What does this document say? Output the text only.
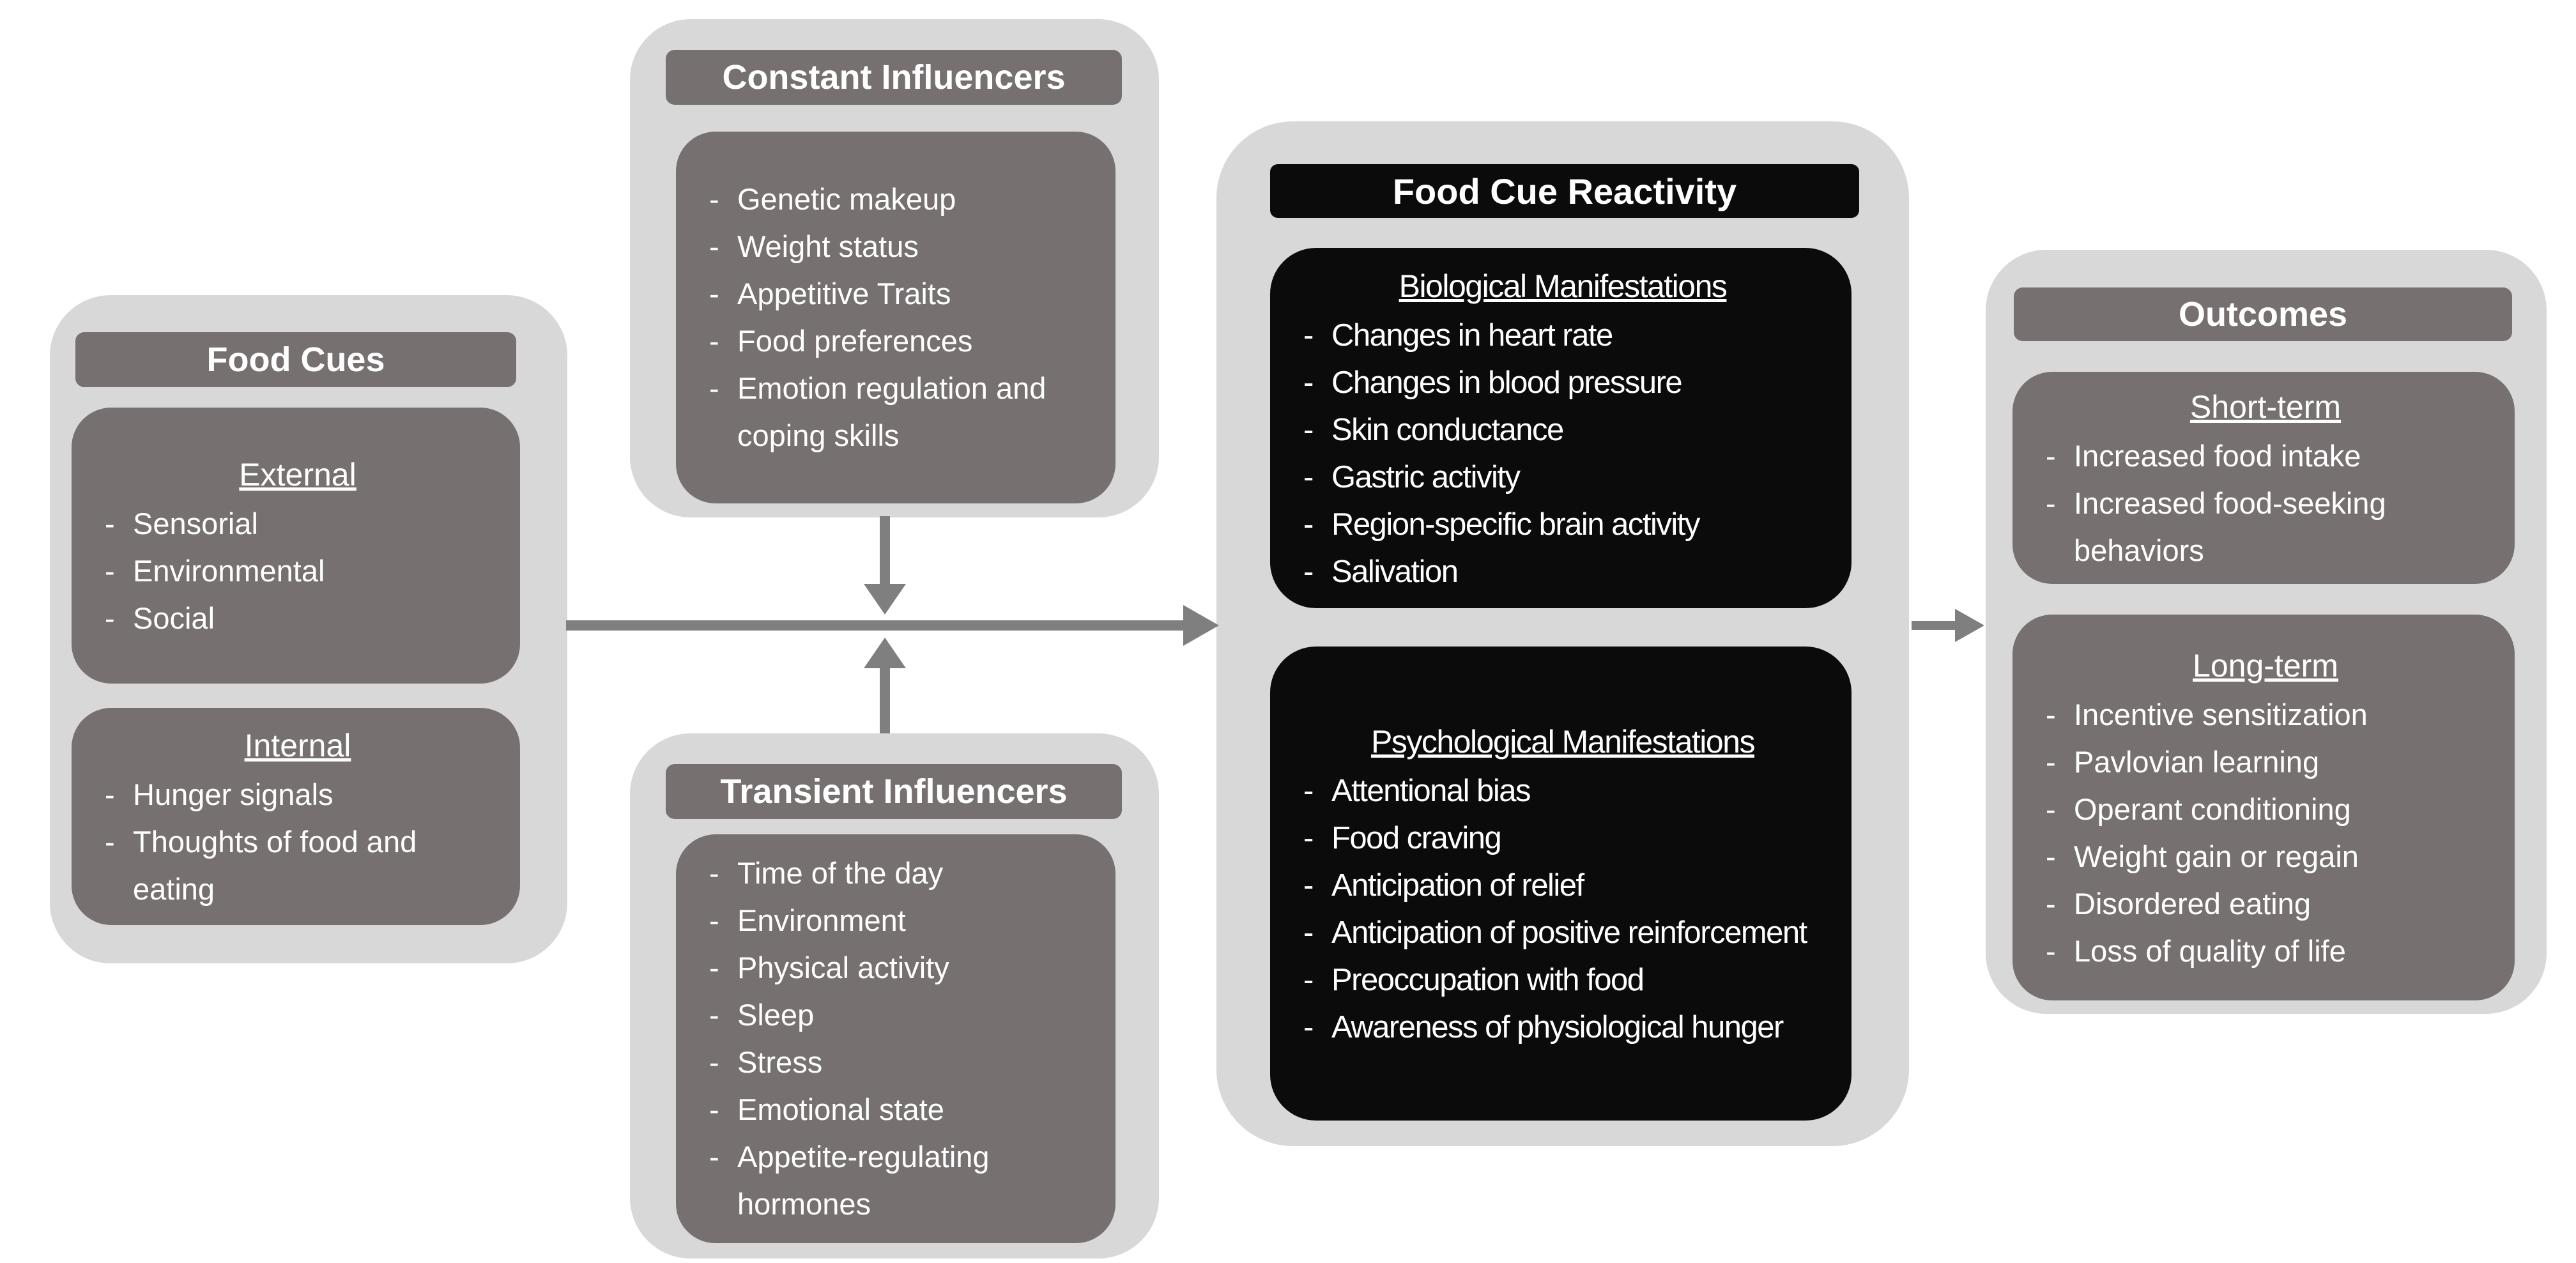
Food Cues
External
- Sensorial
- Environmental
- Social
Internal
- Hunger signals
- Thoughts of food and eating
Constant Influencers
- Genetic makeup
- Weight status
- Appetitive Traits
- Food preferences
- Emotion regulation and coping skills
Transient Influencers
- Time of the day
- Environment
- Physical activity
- Sleep
- Stress
- Emotional state
- Appetite-regulating hormones
Food Cue Reactivity
Biological Manifestations
- Changes in heart rate
- Changes in blood pressure
- Skin conductance
- Gastric activity
- Region-specific brain activity
- Salivation
Psychological Manifestations
- Attentional bias
- Food craving
- Anticipation of relief
- Anticipation of positive reinforcement
- Preoccupation with food
- Awareness of physiological hunger
Outcomes
Short-term
- Increased food intake
- Increased food-seeking behaviors
Long-term
- Incentive sensitization
- Pavlovian learning
- Operant conditioning
- Weight gain or regain
- Disordered eating
- Loss of quality of life
